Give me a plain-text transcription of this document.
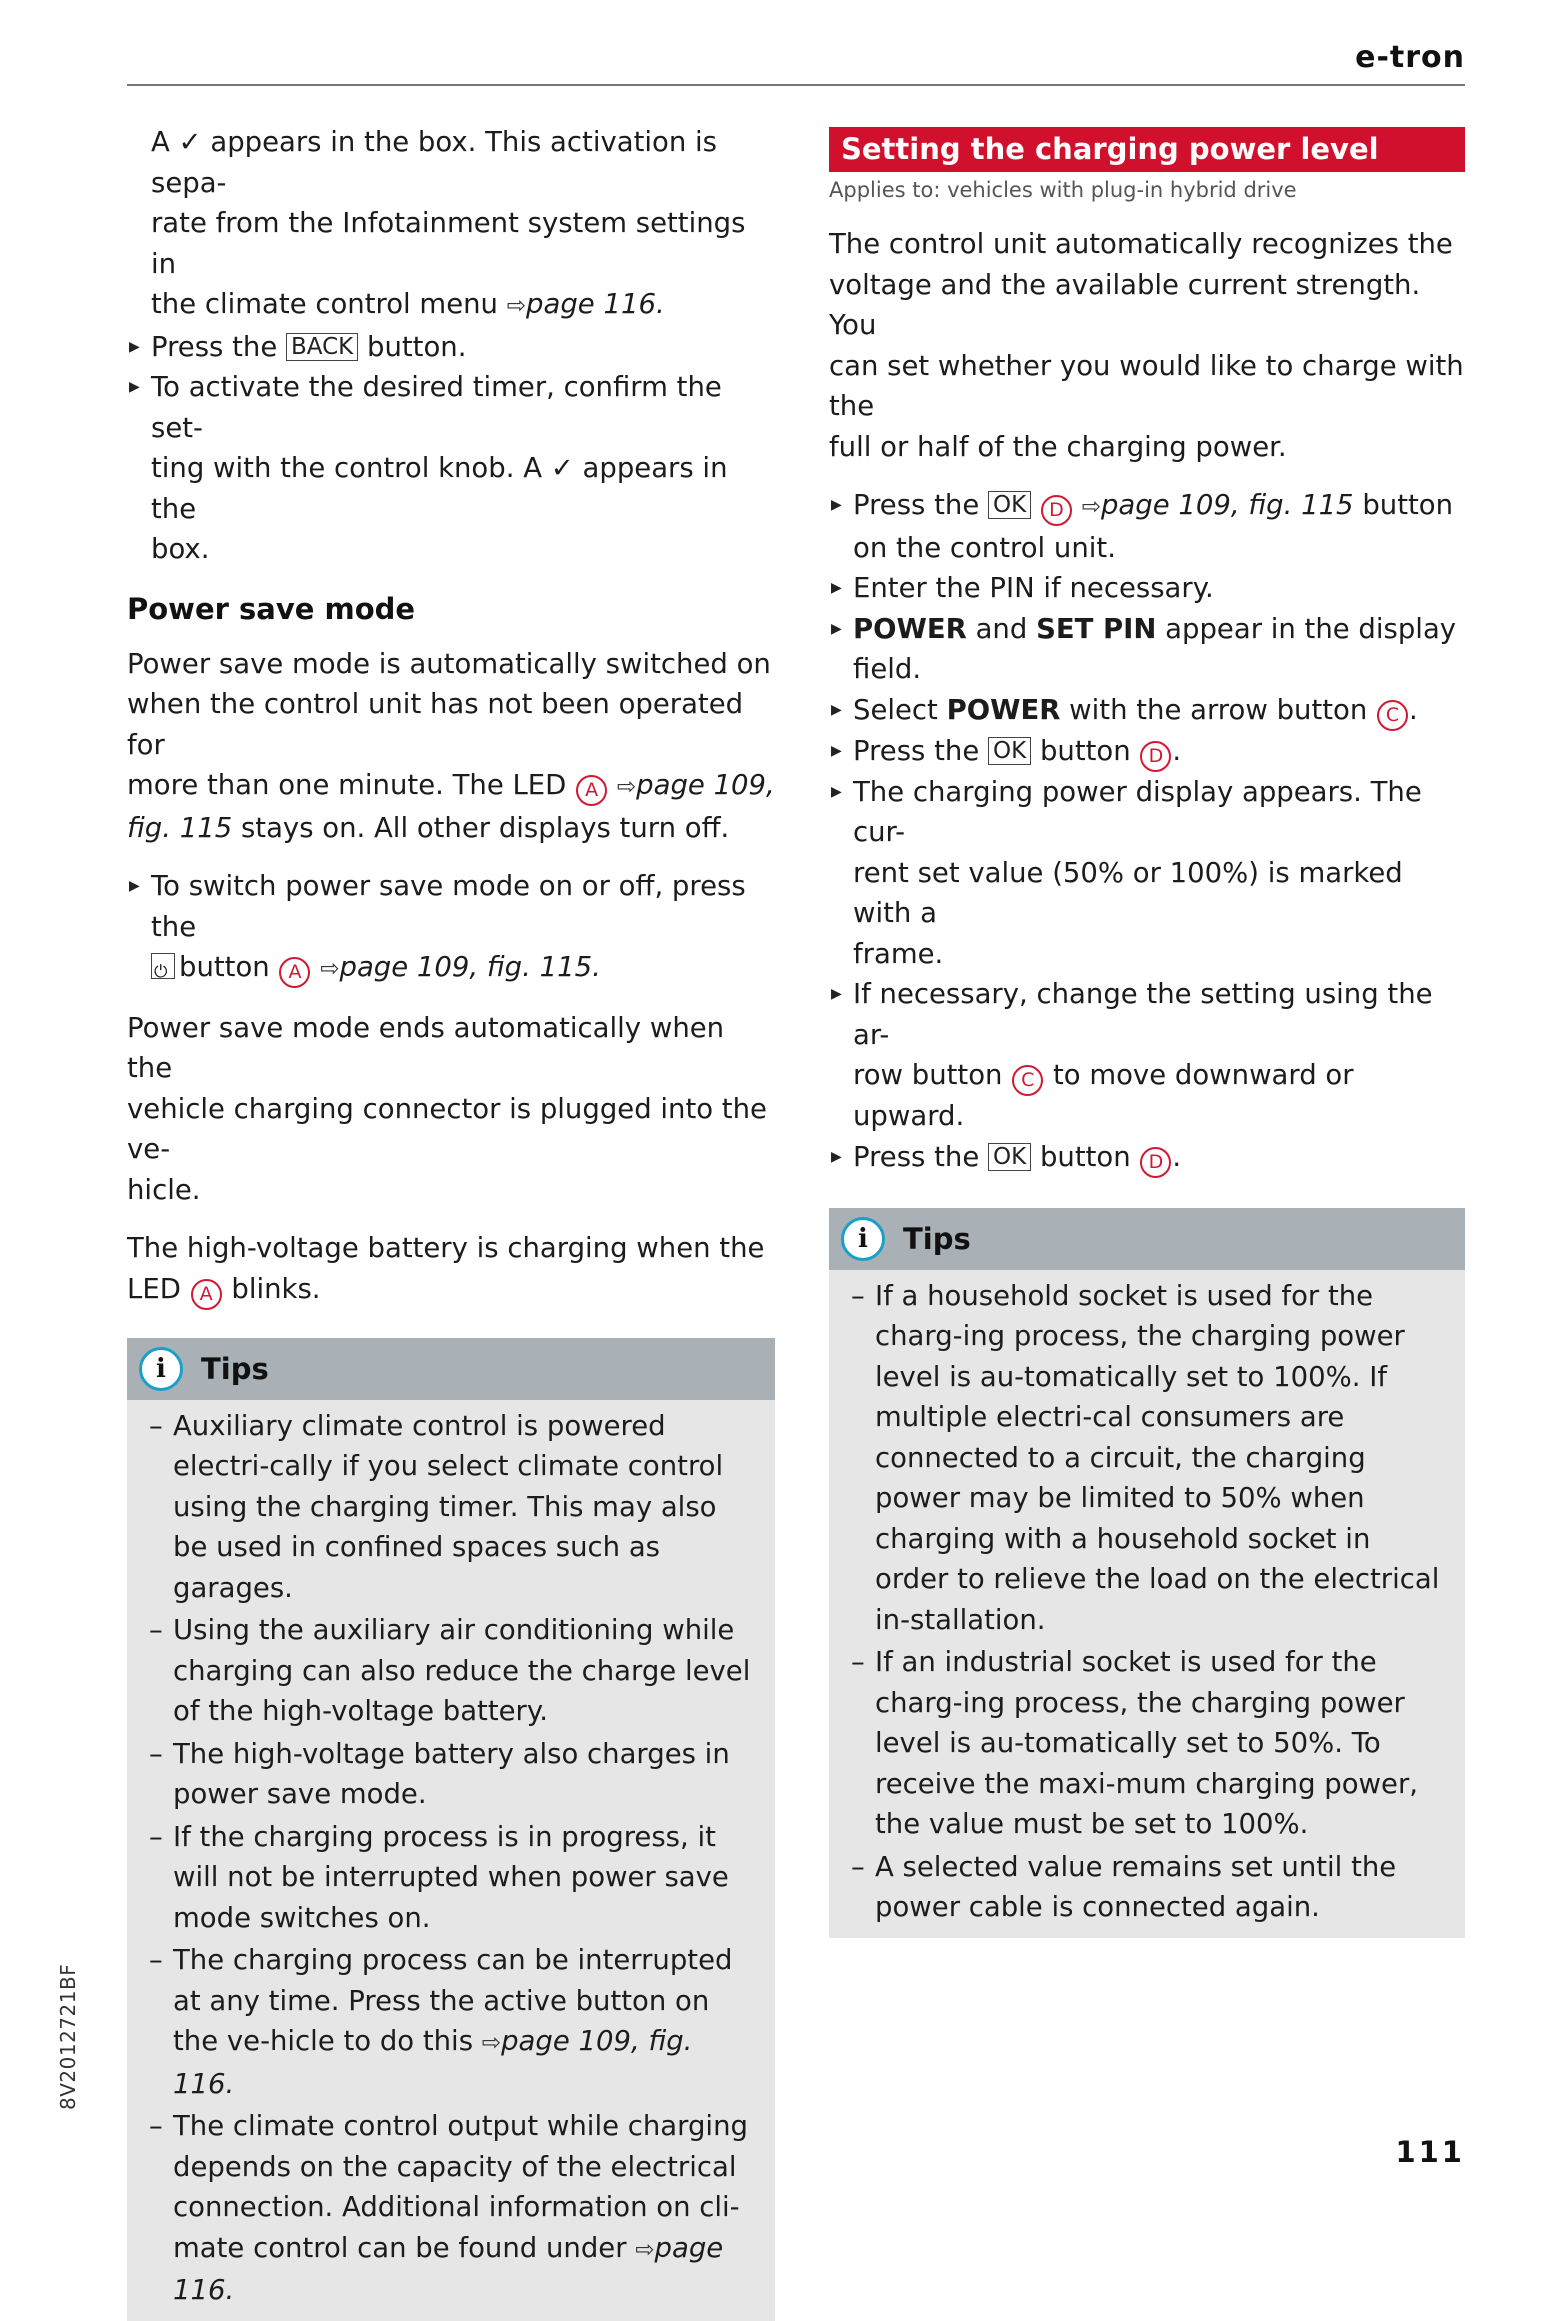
e-tron

A ✓ appears in the box. This activation is sepa-

rate from the Infotainment system settings in

the climate control menu ⇨page 116.

▶ Press the BACK button.
▶ To activate the desired timer, confirm the set-
ting with the control knob. A ✓ appears in the
box.
Power save mode

Power save mode is automatically switched on

when the control unit has not been operated for

more than one minute. The LED A ⇨page 109,

fig. 115 stays on. All other displays turn off.

▶ To switch power save mode on or off, press the
⏻button A ⇨page 109, fig. 115.

Power save mode ends automatically when the

vehicle charging connector is plugged into the ve-

hicle.

The high-voltage battery is charging when the

LED A blinks.

i	Tips
– Auxiliary climate control is powered electri-cally if you select climate control using the charging timer. This may also be used in confined spaces such as garages.
– Using the auxiliary air conditioning while charging can also reduce the charge level of the high-voltage battery.
– The high-voltage battery also charges in power save mode.
– If the charging process is in progress, it will not be interrupted when power save mode switches on.
– The charging process can be interrupted at any time. Press the active button on the ve-hicle to do this ⇨page 109, fig. 116.
– The climate control output while charging depends on the capacity of the electrical connection. Additional information on cli-mate control can be found under ⇨page 116.
Setting the charging power level
Applies to: vehicles with plug-in hybrid drive

The control unit automatically recognizes the

voltage and the available current strength. You

can set whether you would like to charge with the

full or half of the charging power.

▶ Press the OK D ⇨page 109, fig. 115 button
on the control unit.
▶ Enter the PIN if necessary.
▶ POWER and SET PIN appear in the display
field.
▶ Select POWER with the arrow button C .
▶ Press the OK button D .
▶ The charging power display appears. The cur-
rent set value (50% or 100%) is marked with a
frame.
▶ If necessary, change the setting using the ar-
row button C to move downward or upward.
▶ Press the OK button D .
i	Tips
– If a household socket is used for the charg-ing process, the charging power level is au-tomatically set to 100%. If multiple electri-cal consumers are connected to a circuit, the charging power may be limited to 50% when charging with a household socket in order to relieve the load on the electrical in-stallation.
– If an industrial socket is used for the charg-ing process, the charging power level is au-tomatically set to 50%. To receive the maxi-mum charging power, the value must be set to 100%.
– A selected value remains set until the power cable is connected again.
8V2012721BF
111
